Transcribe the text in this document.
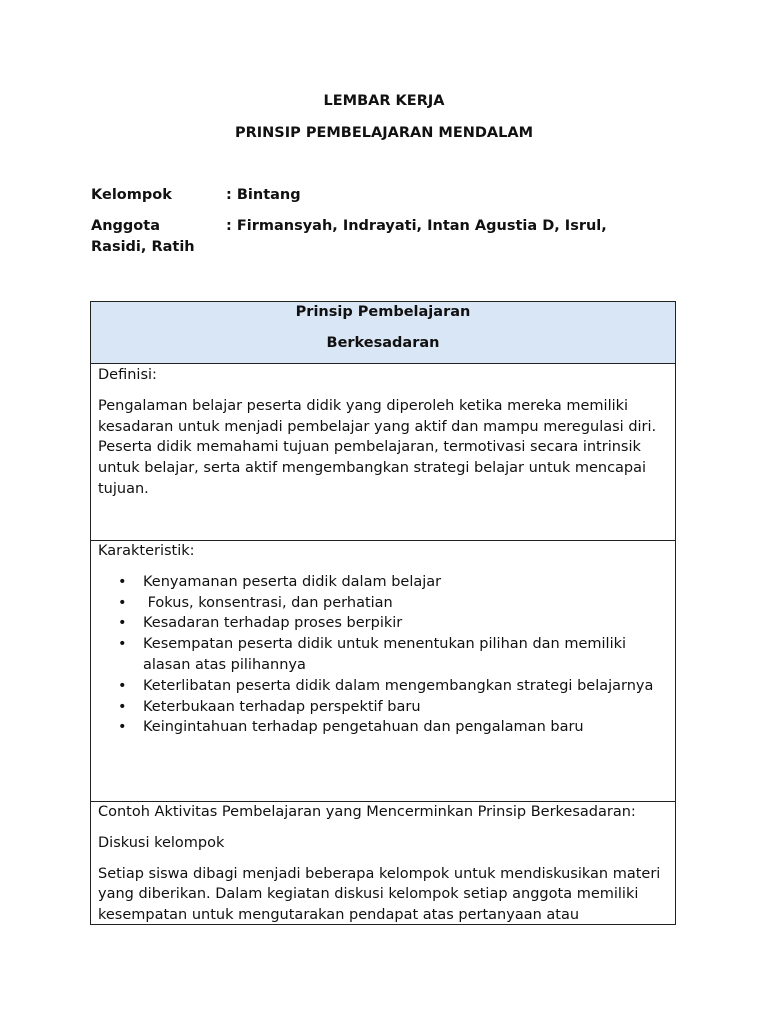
LEMBAR KERJA
PRINSIP PEMBELAJARAN MENDALAM
Kelompok	: Bintang
Anggota	: Firmansyah, Indrayati, Intan Agustia D, Isrul,
Rasidi, Ratih
Prinsip Pembelajaran
Berkesadaran

Definisi:

Pengalaman belajar peserta didik yang diperoleh ketika mereka memiliki kesadaran untuk menjadi pembelajar yang aktif dan mampu meregulasi diri. Peserta didik memahami tujuan pembelajaran, termotivasi secara intrinsik untuk belajar, serta aktif mengembangkan strategi belajar untuk mencapai tujuan.

Karakteristik:

• Kenyamanan peserta didik dalam belajar
• Fokus, konsentrasi, dan perhatian
• Kesadaran terhadap proses berpikir
• Kesempatan peserta didik untuk menentukan pilihan dan memiliki alasan atas pilihannya
• Keterlibatan peserta didik dalam mengembangkan strategi belajarnya
• Keterbukaan terhadap perspektif baru
• Keingintahuan terhadap pengetahuan dan pengalaman baru

Contoh Aktivitas Pembelajaran yang Mencerminkan Prinsip Berkesadaran:

Diskusi kelompok

Setiap siswa dibagi menjadi beberapa kelompok untuk mendiskusikan materi yang diberikan. Dalam kegiatan diskusi kelompok setiap anggota memiliki kesempatan untuk mengutarakan pendapat atas pertanyaan atau
